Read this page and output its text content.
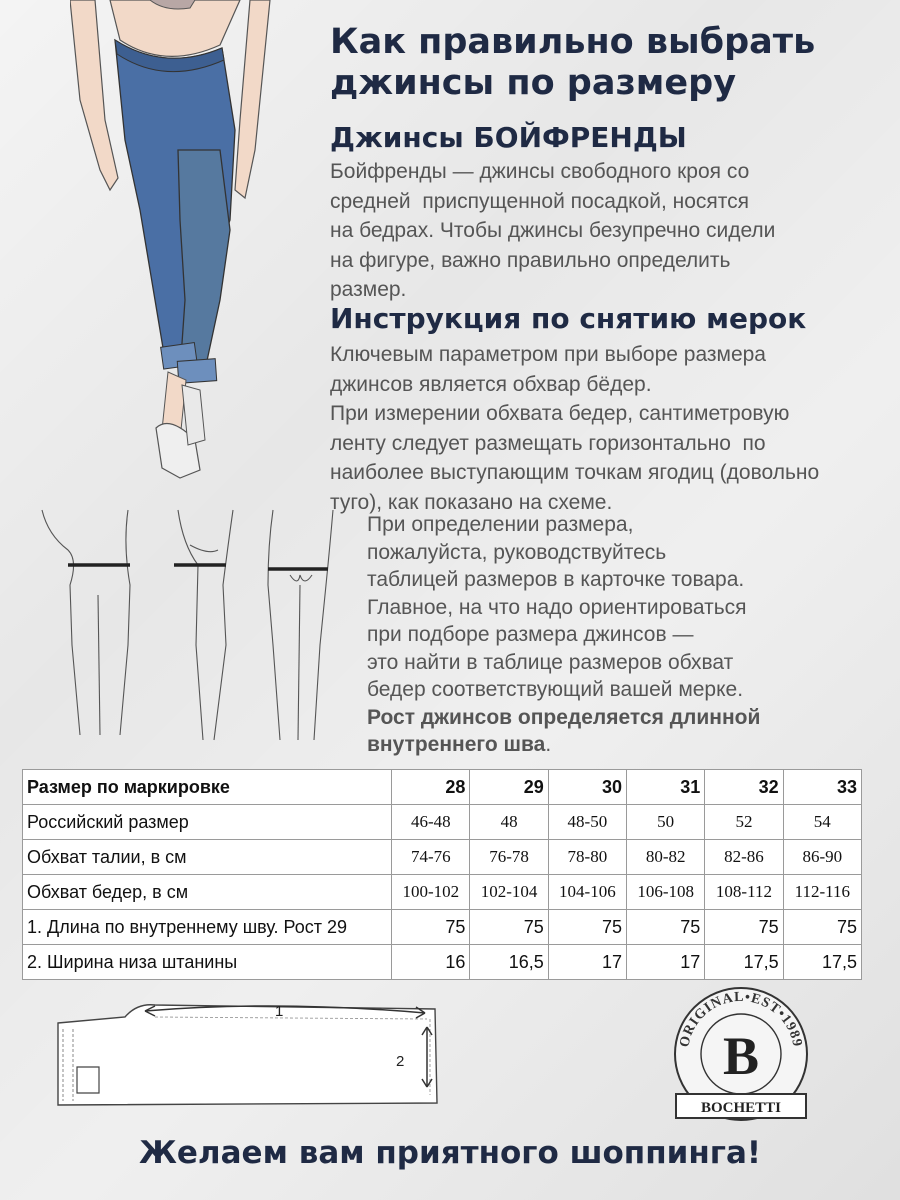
Как правильно выбрать
джинсы по размеру
Джинсы БОЙФРЕНДЫ
Бойфренды — джинсы свободного кроя со
средней  приспущенной посадкой, носятся
на бедрах. Чтобы джинсы безупречно сидели
на фигуре, важно правильно определить
размер.
Инструкция по снятию мерок
Ключевым параметром при выборе размера
джинсов является обхвар бёдер.
При измерении обхвата бедер, сантиметровую
ленту следует размещать горизонтально  по
наиболее выступающим точкам ягодиц (довольно
туго), как показано на схеме.
При определении размера,
пожалуйста, руководствуйтесь
таблицей размеров в карточке товара.
Главное, на что надо ориентироваться
при подборе размера джинсов —
это найти в таблице размеров обхват
бедер соответствующий вашей мерке.
Рост джинсов определяется длинной
внутреннего шва.
Размер по маркировке	28	29	30	31	32	33
Российский размер	46-48	48	48-50	50	52	54
Обхват талии, в см	74-76	76-78	78-80	80-82	82-86	86-90
Обхват бедер, в см	100-102	102-104	104-106	106-108	108-112	112-116
1. Длина по внутреннему шву. Рост 29	75	75	75	75	75	75
2. Ширина низа штанины	16	16,5	17	17	17,5	17,5
1
2
ORIGINAL•EST•1989
B
BOCHETTI
Желаем вам приятного шоппинга!
